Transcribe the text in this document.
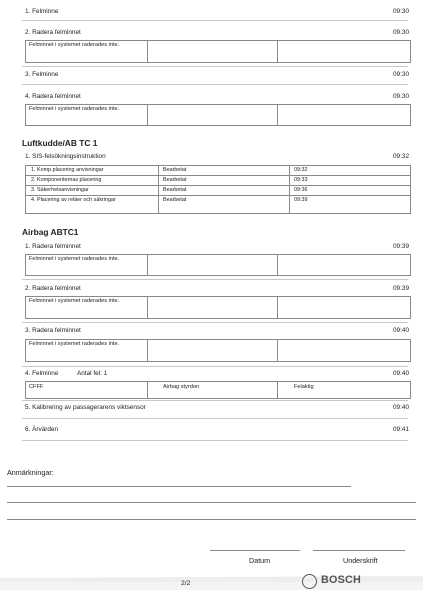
1. Felminne	09:30
2. Radera felminnet	09:30
Felminnet i systemet raderades inte.
3. Felminne	09:30
4. Radera felminnet	09:30
Felminnet i systemet raderades inte.
Luftkudde/AB TC 1
1. SIS-felsökningsinstruktion	09:32
1. Komp.placering anvisningar	Bearbetat	09:32
2. Komponenternas placering	Bearbetat	09:33
3. Säkerhetsanvisningar	Bearbetat	09:36
4. Placering av reläer och säkringar	Bearbetat	09:39
Airbag ABTC1
1. Radera felminnet	09:39
Felminnet i systemet raderades inte.
2. Radera felminnet	09:39
Felminnet i systemet raderades inte.
3. Radera felminnet	09:40
Felminnet i systemet raderades inte.
4. Felminne	Antal fel: 1	09:40
CFFF	Airbag styrdon	Felaktig
5. Kalibrering av passagerarens viktsensor	09:40
6. Ärvärden	09:41
Anmärkningar:
Datum	Underskrift
2/2	BOSCH
